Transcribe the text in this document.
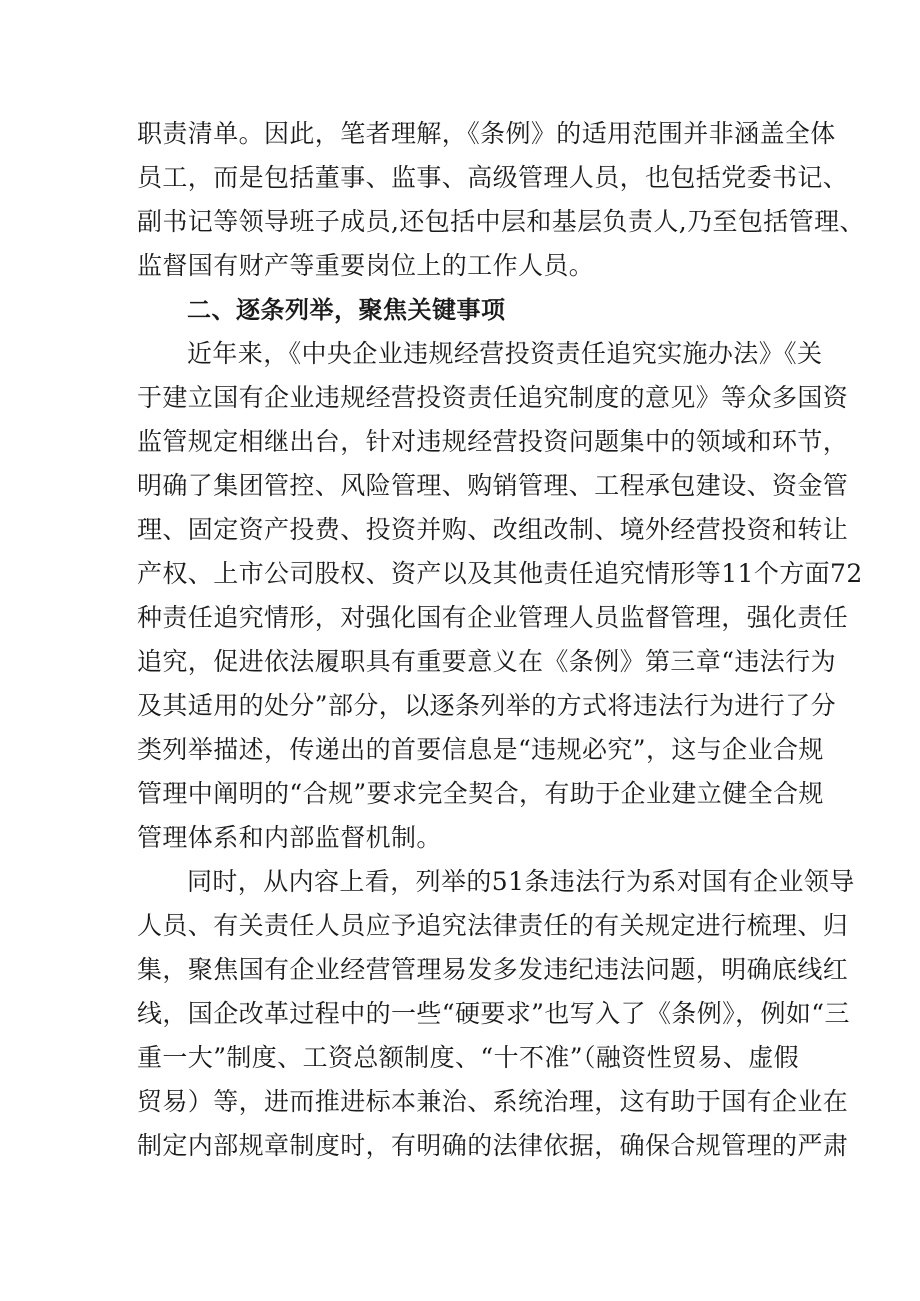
职责清单。因此，笔者理解，《条例》的适用范围并非涵盖全体
员工，而是包括董事、监事、高级管理人员，也包括党委书记、
副书记等领导班子成员,还包括中层和基层负责人,乃至包括管理、
监督国有财产等重要岗位上的工作人员。
二、逐条列举，聚焦关键事项
近年来，《中央企业违规经营投资责任追究实施办法》《关
于建立国有企业违规经营投资责任追究制度的意见》等众多国资
监管规定相继出台，针对违规经营投资问题集中的领域和环节，
明确了集团管控、风险管理、购销管理、工程承包建设、资金管
理、固定资产投费、投资并购、改组改制、境外经营投资和转让
产权、上市公司股权、资产以及其他责任追究情形等11个方面72
种责任追究情形，对强化国有企业管理人员监督管理，强化责任
追究，促进依法履职具有重要意义在《条例》第三章“违法行为
及其适用的处分”部分，以逐条列举的方式将违法行为进行了分
类列举描述，传递出的首要信息是“违规必究”，这与企业合规
管理中阐明的“合规”要求完全契合，有助于企业建立健全合规
管理体系和内部监督机制。
同时，从内容上看，列举的51条违法行为系对国有企业领导
人员、有关责任人员应予追究法律责任的有关规定进行梳理、归
集，聚焦国有企业经营管理易发多发违纪违法问题，明确底线红
线，国企改革过程中的一些“硬要求”也写入了《条例》，例如“三
重一大”制度、工资总额制度、“十不准”（融资性贸易、虚假
贸易）等，进而推进标本兼治、系统治理，这有助于国有企业在
制定内部规章制度时，有明确的法律依据，确保合规管理的严肃
